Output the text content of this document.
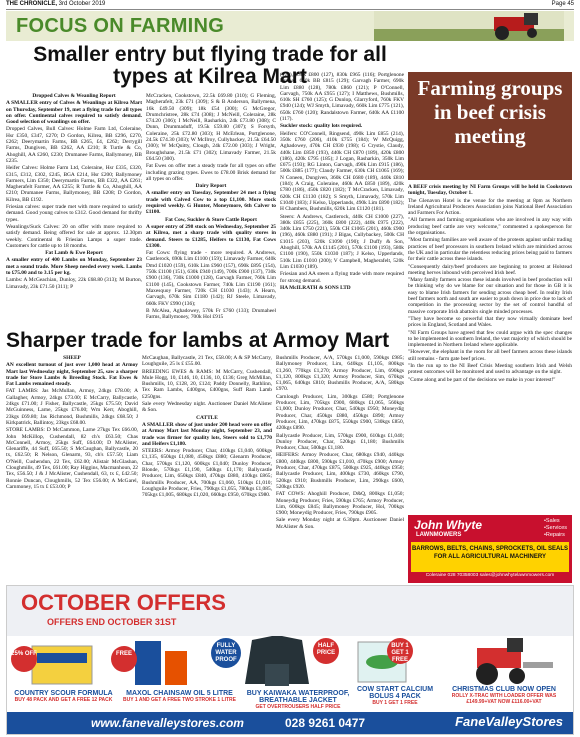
THE CHRONICLE, 3rd October 2019	Page 45
FOCUS ON FARMING
Smaller entry but flying trade for all types at Kilrea Mart	Farming groups in beef crisis meeting

Dropped Calves & Weanling Report

A SMALLER entry of Calves & Weanlings at Kilrea Mart on Thursday, September 19, met a flying trade for all types on offer. Continental calves required to satisfy demand. Good selection of weanlings on offer.

Dropped Calves, Bull Calves: Holme Farm Ltd, Coleraine, Hsr £350, £347, £270; D Gordon, Kilrea, BB £296, £270, £262; Deerymartin Farms, BB £265, £4, £262; Derrygill Farms, Dungiven, BB £262, AA £210; R Turtle & Co, Ahoghill, AA £260, £230; Drumanee Farms, Ballymoney, BB £235.

Heifer Calves: Holme Farm Ltd, Coleraine, Hsr £335, £320, £315, £312, £302, £245, BGA £214, Hsr £200; Ballymoney Farmers, Lim £350; Deerymartin Farms, BB £322, AA £261; Magherafelt Farmer, AA £255; R Turtle & Co, Ahoghill, AA £210; Drumanee Farms, Ballymoney, BB £208; D Gordon, Kilrea, BB £192.

Friesian calves: super trade met with more required to satisfy demand. Good young calves to £312. Good demand for thrifty types.

Weanlings/Suck Calves: 20 on offer with more required to satisfy demand. Being offered for sale at approx. 12.30pm weekly. Continental & Friesian Lamps a super trade. Customers for cattle up to 18 months.

Fat Lamb & Ewe Report

A smaller entry of 400 Lambs on Monday, September 23 met a sound trade. More Sheep needed every week. Lambs to £75.00 and to 3.15 per kg.

Lambs: A McGeachian, Dunloy, 22k £68.80 (313); M Burton, Limavady, 23k £71.50 (311); P

McCracken, Cookstown, 22.5k £69.80 (310); G Fleming, Magherafelt, 23k £71 (309); S & B Anderson, Ballymena, 16k £49.50 (309); 18k £54 (300); G McGregor, Drumchristree, 28k £74 (308); J McNeill, Coleraine, 28k £74.20 (306); I McNeill, Rasharkin, 24k £73.80 (308); C Dunn, Drummaduff, 19.5k £59.80 (307); S Forsyth, Coleraine, 25k £72.80 (303); H McErlean, Portglenone, 24.5k £74.30 (303); W McIlroy, Cullybackey, 21.5k £64.50 (300); W McQuitty, Clough, 24k £72.00 (303); J Wright, Broughshane, 21.5k £71 (302); Limavady Farmer, 21.5k £64.50 (300).

Fat Ewes on offer met a steady trade for all types on offer including grazing types. Ewes to £78.00 Brisk demand for all types on offer.

Dairy Report

A smaller entry on Tuesday, September 24 met a flying trade with Calved Cow to a top £1,100. More stock required weekly. G Hunter, Moneymore, 6th Calver to £1100.

Fat Cow, Suckler & Store Cattle Report

A super entry of 298 stock on Wednesday, September 25 at Kilrea, met a sharp trade with quality stores in demand. Steers to £1285, Heifers to £1130, Fat Cows £1300.

Fat Cows: flying trade - more required. A Andrews, Castlerock, 690k Lim £1100 (159); Limavady Farmer, 640k Dmd £1020 (159), 610k Lim £960 (157), 690k £895 (154), 750k £1100 (151), 630k £940 (149), 700k £900 (137), 730k £900 (136), 730k £1000 (128), Garvagh Farmer, 760k Lim £1100 (145), Cookstown Farmer, 740k Lim £1190 (161); Maxesquoy Farmer, 720k CH £1030 (143); A Hearn, Garvagh, 670k Sim £1180 (142); RJ Steele, Limavady, 660k FKV £990 (136);

B McAlea, Aghadowey, 570k Fr £760 (133); Drumaheel Farms, Ballymoney, 700k Hol £915

(129), 630k £800 (127), 830k £965 (116); Portglenone Farmer, 650k BB £815 (129); Garvagh Farmer, 690k Lim £880 (128), 780k £860 (121); P O'Connell, Garvagh, 750k AA £955 (127); I Matthews, Bushmills, 610k SH £760 (125); G Dunlop, Glarryford, 760k FKV £940 (124); WJ Smyth, Limavady, 660k Lim £775 (121), 650k £760 (120); Randalstown Farmer, 640k AA £1100 (117).

Suckler stock: quality lots required.

Heifers: CO'Connell, Ringsend, 490k Lim £855 (214), 350k £760 (206), 410k £755 (184); W McQuigg, Aghadowey, 470k CH £930 (198); G Crystie, Claudy, 440k Lim £850 (193), 440k CH £870 (189), 420k £800 (186), 420k £795 (185); J Logan, Rasharkin, 350k Lim £675 (193); RG Linton, Garvagh, 490k Lim £915 (186), 500k £885 (177); Claudy Farmer, 630k CH £1065 (169); N Coneen, Dungiven, 360k CH £680 (189), 440k £810 (184); A Craig, Coleraine, 460k AA £850 (189), 420k £780 (186), 450k £820 (182); T McCracken, Limavady, 620k CH £1130 (182); S Smyth, Limavady, 570k Lim £1040 (183); J Kelso, Upperlands, 490k Lim £890 (182); H Chambers, Bushmills, 620k Lim £1120 (181).

Steers: A Andrews, Castlerock, 440k CH £1000 (227), 380k £855 (225), 360k £800 (222), 440k £975 (222), 340k Lim £750 (221), 550k CH £1065 (201), 460k £900 (196), 460k £880 (191); J Bigas, Cullybackey, 500k CH £1015 (203), 520k £1090 (190); J Duffy & Son, Ahoghill, 570k AA £1145 (201), 570k £1100 (193), 580k £1100 (190), 550k £1030 (187); J Kelso, Upperlands, 510k Lim £1010 (200); V Campbell, Magherafelt, 520k Lim £1030 (189).

Friesian and AA steers a flying trade with more required for strong demand.

HA McILRATH & SONS LTD

A BEEF crisis meeting by NI Farm Groups will be held in Cookstown tonight, Tuesday, October 1.

The Glenavon Hotel is the venue for the meeting at 8pm as Northern Ireland Agricultural Producers Association joins National Beef Association and Farmers For Action.

"All farmers and farming organisations who are involved in any way with producing beef cattle are very welcome," commented a spokesperson for the organisations.

"Most farming families are well aware of the protests against unfair trading practices of beef processors in southern Ireland which are mimicked across the UK and in particular the relentless reducing prices being paid to farmers for their cattle across these islands.

"Consequently dairy/beef producers are beginning to protest at Holstead meeting herves inbound with perceived Irish beef.

"Many family farmers across these islands involved in beef production will be thinking why do we blame for our situation and for those in GB it is easy to blame Irish farmers for sending across cheap beef. In reality Irish beef farmers north and south are easier to push down in price due to lack of competition in the processing sector by the set of control handful of massive corporate Irish abattoirs single minded processes.

"They have become so powerful that they now virtually dominate beef prices in England, Scotland and Wales.

"NI Farm Groups have agreed that few could argue with the spec changes to be implemented in southern Ireland, the vast majority of which should be implemented in Northern Ireland where applicable.

"However, the elephant in the room for all beef farmers across these islands still remains - farm gate beef prices.

"In the run up to the NI Beef Crisis Meeting southern Irish and Welsh protest outcomes will be monitored and used to advantage on the night.

"Come along and be part of the decisions we make in your interest!"

Sharper trade for lambs at Armoy Mart

SHEEP

AN excellent turnout of just over 1,000 head at Armoy Mart last Wednesday night, September 25, saw a sharper trade for Store Lambs & Breeding Stock. Fat Ewes & Fat Lambs remained steady.

FAT LAMBS: Jas McMullan, Armoy, 24kgs £78.00; A Gallagher, Armoy, 24kgs £73.00; E McCarry, Ballycastle, 24kgs £71.00; J Fisher, Ballycastle, 25kgs £75.50; David McGuinness, Larne, 25kgs £76.00; Wm Kerr, Aboghill, 23kgs £69.80; Jas Richmond, Bushmills, 24kgs £68.50; J Kirkpatrick, Ballintoy, 23kgs £68.00.

STORE LAMBS: D McCammon, Larne 27kgs Tex £66.00, John McKillop, Cushendall, 82 ch's £63.50; Chas McConnell, Armoy, 25kgs Suff, £64.00; D McAlister, Glenariffe, 44 Suff, £65.50; S McCaughan, Ballycastle, 20 tx, £62.50; R Nelson, Glenarm, 93, ch's £57.50; Liam O'Neill, Cushendun, 22 Tex, £62.00; Alistair McGlashan, Cloughmills, 49 Tex, £61.00; Ray Higgins, Macmanhoun, 22 Tex, £56.50; J & J McAlister, Cushendall, 63, tx £, £42.50; Ronnie Duncan, Cloughmills, 52 Tex £56.00; A McGarel, Carnmoney, 15 tx £ £53.00; P

McCaughan, Ballycastle, 21 Tex, £58.00; A & SP McCarry, Loughguile, 25 ls £ £55.00.

BREEDING EWES & RAMS: M McCarry, Cushendall, Mule Hogg, 10, £146, 10, £136, 10, £136; Greg McMillan, Bushmills, 10, £128, 20, £124; Paddy Donnelly, Rathlinn, Tex Ram Lambs, £400gns, £400gns, Suff Ram Lamb £250gns.

Sale every Wednesday night. Auctioneer Daniel McAlister & Son.

CATTLE

A SMALLER show of just under 200 head were on offer at Armoy Mart last Monday night, September 23, and trade was firmer for quality lots, Steers sold to £1,770 and Heifers £1,180.

STEERS: Armoy Producer, Char, 410kgs £1,040, 600kgs £1,135, 650kgs £1,080, 450kgs £880; Glenarm Producer, Char, 570kgs £1,120, 600kgs £1,040; Dunloy Producer, Blonde, 570kgs £1,190, 540kgs £1,170; Ballycastle Producer, Lim, 650kgs £840, 470kgs £880, 410kgs £865; Bushmills Producer, AA, 700kgs £1,060, 510kgs £1,010; Loughguile Producer, Fries, 790kgs £1,055, 780kgs £1,085, 705kgs £1,005, 680kgs £1,020, 660kgs £950, 670kgs £980.

Bushmills Producer, A/A, 570kgs £1,000, 590kgs £985; Ballymoney Producer, Lim, 640kgs £1,105, 800kgs £1,260, 770kgs £1,270; Armoy Producer, Lim, 690kgs £1,120, 800kgs £1,320; Armoy Producer, Sim, 670kgs £1,065, 640kgs £810; Bushmills Producer, A/A, 580kgs £970.

Carnlough Producer, Lim, 300kgs £580; Portglenone Producer, Lim, 705kgs £900, 680kgs £1,065, 560kgs £1,000; Dunloy Producer, Char, 540kgs £950; Moneydig Producer, Char, 450kgs £880, 450kgs £890; Armoy Producer, Lim, 470kgs £875, 550kgs £900, 530kgs £850, 420kgs £890.

Ballycastle Producer, Lim, 570kgs £900, 610kgs £1,040; Dunloy Producer, Char, 520kgs £1,180; Bushmills Producer, Char, 500kgs £1,180.

HEIFERS: Armoy Producer, Char, 680kgs £940, 440kgs £800, 440kgs £800, 590kgs £1,010, 470kgs £900; Armoy Producer, Char, 470kgs £875, 500kgs £925, 440kgs £950; Ballycastle Producer, Lim, 400kgs £730, 460kgs £790, 520kgs £910; Bushmills Producer, Lim, 290kgs £600, 520kgs £920.

FAT COWS: Ahoghill Producer, D&Q, 800kgs £1,050; Moneydig Producer, Fries, 590kgs £765; Armoy Producer, Lim, 600kgs £845; Ballymoney Producer, Hol, 700kgs £900; Moneydig Producer, Fries, 790kgs £905.

Sale every Monday night at 6.30pm. Auctioneer Daniel McAlister & Son.	John Whyte
LAWNMOWERS
•Sales
•Services
•Repairs
BARROWS, BELTS, CHAINS, SPROCKETS, OIL SEALS FOR ALL AGRICULTURAL MACHINERY
Coleraine 028 70358003 sales@johnwhytelawnmowers.com
OCTOBER OFFERS
OFFERS END OCTOBER 31ST
25% OFF
FULLY WATER PROOF
HALF PRICE
BUY 1 GET 1 FREE
FREE
COUNTRY SCOUR FORMULA
BUY 48 PACK AND GET A FREE 12 PACK
MAXOL CHAINSAW OIL 5 LITRE
BUY 1 AND GET A FREE TWO STROKE 1 LITRE
BUY KAIWAKA WATERPROOF, BREATHABLE JACKET
GET OVERTROUSERS HALF PRICE
COW START CALCIUM BOLUS 4 PACK
BUY 1 GET 1 FREE
CHRISTMAS CLUB NOW OPEN
ROLLY X-TRAC WITH LOADER OFFER WAS £149.99+VAT NOW £116.00+VAT
www.fanevalleystores.com	028 9261 0477	FaneValleyStores
